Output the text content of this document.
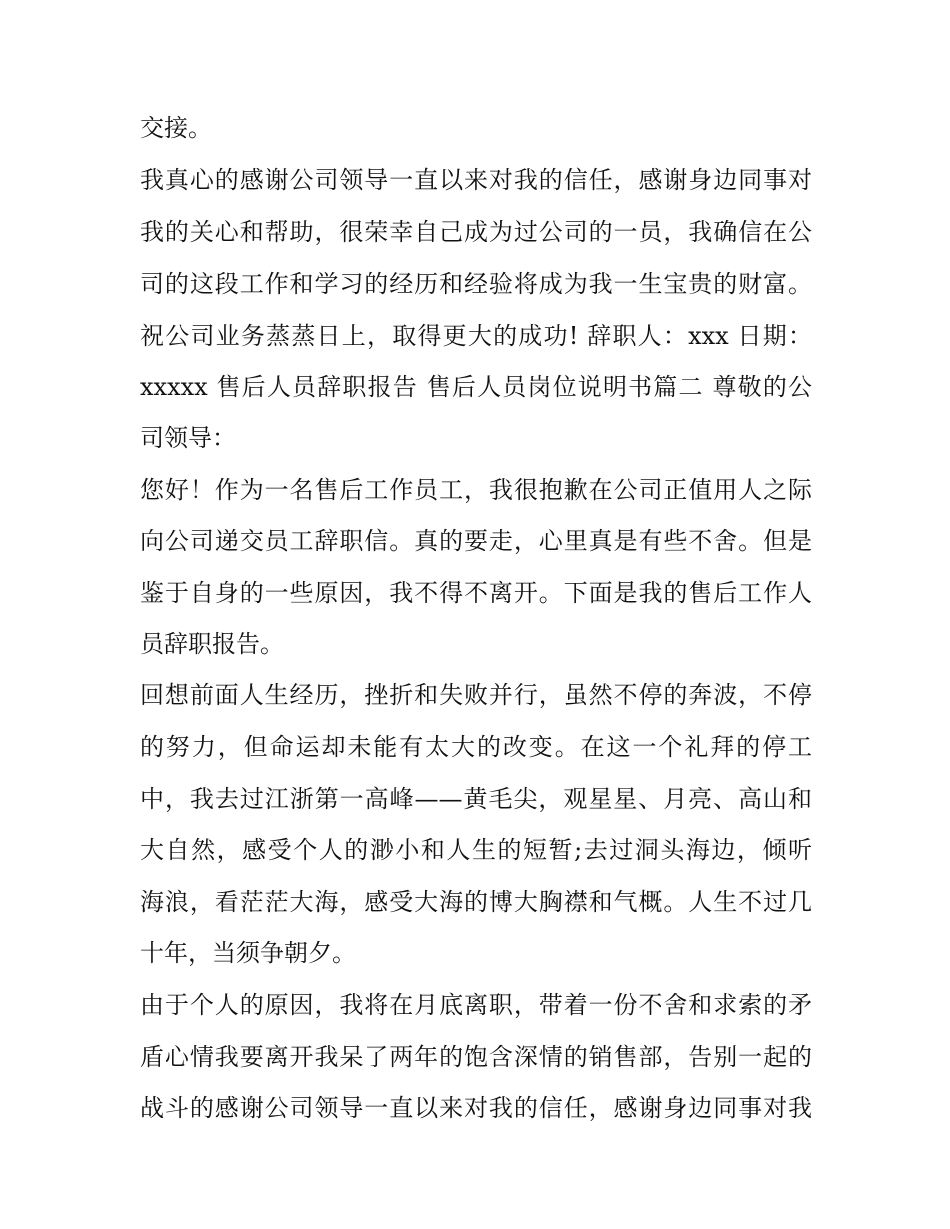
交接。
我真心的感谢公司领导一直以来对我的信任，感谢身边同事对
我的关心和帮助，很荣幸自己成为过公司的一员，我确信在公
司的这段工作和学习的经历和经验将成为我一生宝贵的财富。
祝公司业务蒸蒸日上，取得更大的成功! 辞职人：xxx 日期：
xxxxx 售后人员辞职报告 售后人员岗位说明书篇二 尊敬的公
司领导：
您好！作为一名售后工作员工，我很抱歉在公司正值用人之际
向公司递交员工辞职信。真的要走，心里真是有些不舍。但是
鉴于自身的一些原因，我不得不离开。下面是我的售后工作人
员辞职报告。
回想前面人生经历，挫折和失败并行，虽然不停的奔波，不停
的努力，但命运却未能有太大的改变。在这一个礼拜的停工
中，我去过江浙第一高峰——黄毛尖，观星星、月亮、高山和
大自然，感受个人的渺小和人生的短暂;去过洞头海边，倾听
海浪，看茫茫大海，感受大海的博大胸襟和气概。人生不过几
十年，当须争朝夕。
由于个人的原因，我将在月底离职，带着一份不舍和求索的矛
盾心情我要离开我呆了两年的饱含深情的销售部，告别一起的
战斗的感谢公司领导一直以来对我的信任，感谢身边同事对我
